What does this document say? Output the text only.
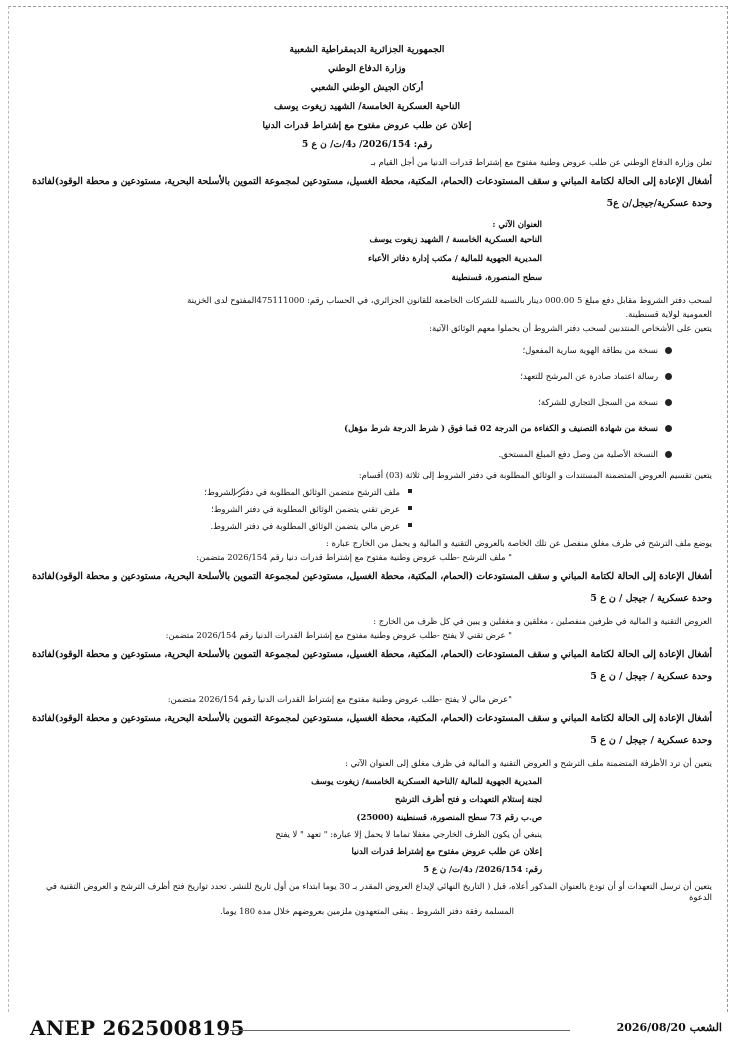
الجمهورية الجزائرية الديمقراطية الشعبية
وزارة الدفاع الوطني
أركان الجيش الوطني الشعبي
الناحية العسكرية الخامسة/ الشهيد زيغوت يوسف
إعلان عن طلب عروض مفتوح مع إشتراط قدرات الدنيا
رقم: 2026/154/ د4/ت/ ن ع 5
تعلن وزارة الدفاع الوطني عن طلب عروض وطنية مفتوح مع إشتراط قدرات الدنيا من أجل القيام بـ
أشغال الإعادة إلى الحالة لكتامة المباني و سقف المستودعات (الحمام، المكتبة، محطة الغسيل، مستودعين لمجموعة التموين بالأسلحة البحرية، مستودعين و محطة الوقود)لفائدة وحدة عسكرية/جيجل/ن ع5
العنوان الآتي :
الناحية العسكرية الخامسة / الشهيد زيغوت يوسف
المديرية الجهوية للمالية / مكتب إدارة دفاتر الأعباء
سطح المنصورة، قسنطينة
لسحب دفتر الشروط مقابل دفع مبلغ 5 000.00 دينار بالنسبة للشركات الخاضعة للقانون الجزائري، في الحساب رقم: 475111000المفتوح لدى الخزينة
العمومية لولاية قسنطينة.
يتعين على الأشخاص المنتدبين لسحب دفتر الشروط أن يحملوا معهم الوثائق الآتية:
نسخة من بطاقة الهوية سارية المفعول؛
رسالة اعتماد صادرة عن المرشح للتعهد؛
نسخة من السجل التجاري للشركة؛
نسخة من شهادة التصنيف و الكفاءة من الدرجة 02 فما فوق ( شرط الدرجة شرط مؤهل)
النسخة الأصلية من وصل دفع المبلغ المستحق.
يتعين تقسيم العروض المتضمنة المستندات و الوثائق المطلوبة في دفتر الشروط إلى ثلاثة (03) أقسام:
ملف الترشح متضمن الوثائق المطلوبة في دفتر الشروط؛
عرض تقني يتضمن الوثائق المطلوبة في دفتر الشروط؛
عرض مالي يتضمن الوثائق المطلوبة في دفتر الشروط.
يوضع ملف الترشح في ظرف مغلق منفصل عن تلك الخاصة بالعروض التقنية و المالية و يحمل من الخارج عبارة :
" ملف الترشح -طلب عروض وطنية مفتوح مع إشتراط قدرات دنيا رقم 2026/154 متضمن:
أشغال الإعادة إلى الحالة لكتامة المباني و سقف المستودعات (الحمام، المكتبة، محطة الغسيل، مستودعين لمجموعة التموين بالأسلحة البحرية، مستودعين و محطة الوقود)لفائدة وحدة عسكرية / جيجل / ن ع 5
العروض التقنية و المالية في ظرفين منفصلين ، مغلقين و مغفلين و يبين في كل ظرف من الخارج :
" عرض تقني لا يفتح -طلب عروض وطنية مفتوح مع إشتراط القدرات الدنيا رقم 2026/154 متضمن:
أشغال الإعادة إلى الحالة لكتامة المباني و سقف المستودعات (الحمام، المكتبة، محطة الغسيل، مستودعين لمجموعة التموين بالأسلحة البحرية، مستودعين و محطة الوقود)لفائدة وحدة عسكرية / جيجل / ن ع 5
"عرض مالي لا يفتح -طلب عروض وطنية مفتوح مع إشتراط القدرات الدنيا رقم 2026/154 متضمن:
أشغال الإعادة إلى الحالة لكتامة المباني و سقف المستودعات (الحمام، المكتبة، محطة الغسيل، مستودعين لمجموعة التموين بالأسلحة البحرية، مستودعين و محطة الوقود)لفائدة وحدة عسكرية / جيجل / ن ع 5
يتعين أن ترد الأظرفة المتضمنة ملف الترشح و العروض التقنية و المالية في ظرف مغلق إلى العنوان الآتي :
المديرية الجهوية للمالية /الناحية العسكرية الخامسة/ زيغوت يوسف
لجنة إستلام التعهدات و فتح أظرف الترشح
ص.ب رقم 73 سطح المنصورة، قسنطينة (25000)
ينبغي أن يكون الظرف الخارجي مغفلا تماما لا يحمل إلا عبارة: " تعهد " لا يفتح
إعلان عن طلب عروض مفتوح مع إشتراط قدرات الدنيا
رقم: 2026/154/ د4/ت/ ن ع 5
يتعين أن ترسل التعهدات أو أن تودع بالعنوان المذكور أعلاه، قبل ( التاريخ النهائي لإيداع العروض المقدر بـ 30 يوما ابتداء من أول تاريخ للنشر. تحدد تواريخ فتح أظرف الترشح و العروض التقنية في الدعوة
المسلمة رفقة دفتر الشروط . يبقى المتعهدون ملزمين بعروضهم خلال مدة 180 يوما.
ANEP 2625008195	الشعب 2026/08/20
